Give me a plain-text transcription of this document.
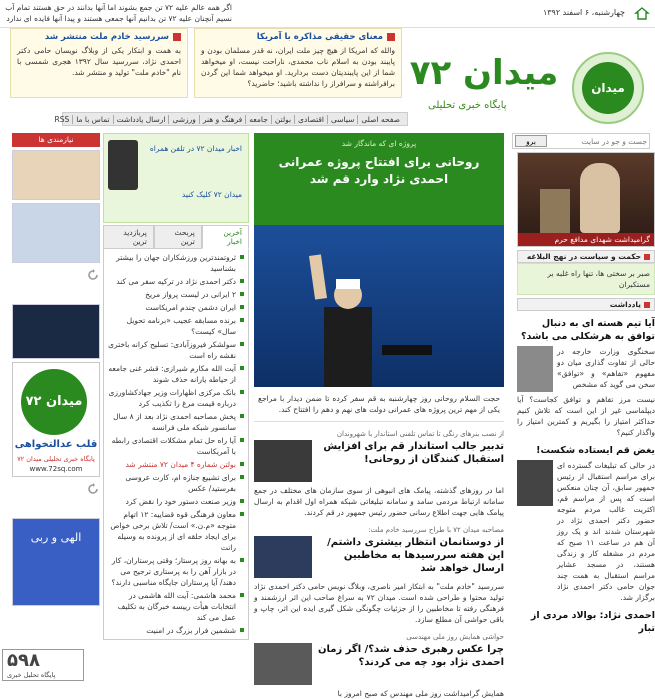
چهارشنبه، ۶ اسفند ۱۳۹۲
اگر همه عالم علیه ۷۲ تن جمع بشوند اما آنها بدانند در حق هستند تمام آب نسیم آنچنان علیه ۷۲ تن بدانیم آنها جمعی هستند و پیدا آنها فایده ای ندارد
سررسید خادم ملت منتشر شد

به همت و ابتکار یکی از وبلاگ نویسان حامی دکتر احمدی نژاد، سررسید سال ۱۳۹۲ هجری شمسی با نام "خادم ملت" تولید و منتشر شد.

معنای حقیقی مذاکره با آمریکا

والله که امریکا از هیچ چیز ملت ایران، نه قدر مسلمان بودن و پایبند بودن به اسلام ناب محمدی، ناراحت نیست، او میخواهد شما از این پایبندیتان دست بردارید. او میخواهد شما این گردن برافراشته و سرافراز را نداشته باشید؛ حاضرید؟ میدان ۷۲
پایگاه خبری تحلیلی
میدان
صفحه اصلی
سیاسی
اقتصادی
بولتن
جامعه
فرهنگ و هنر
ورزشی
ارسال یادداشت
تماس با ما
RSS
جست و جو در سایت
برو
گرامیداشت شهدای مدافع حرم
حکمت و سیاست در نهج البلاغه
صبر بر سختی ها، تنها راه غلبه بر مستکبران
یادداشت
آیا تیم هسته ای به دنبال توافق به هرشکلی می باشد؟
سخنگوی وزارت خارجه در حالی از تفاوت گذاری میان دو مفهوم «تفاهم» و «توافق» سخن می گوید که مشخص
نیست مرز تفاهم و توافق کجاست؟ آیا دیپلماسی غیر از این است که تلاش کنیم حداکثر امتیاز را بگیریم و کمترین امتیاز را واگذار کنیم؟
یغض قم ایستاده شکست!
در حالی که تبلیغات گسترده ای برای مراسم استقبال از رئیس جمهور سابق، آن چنان منعکس است که پس از مراسم قم، اکثریت غالب مردم متوجه حضور دکتر احمدی نژاد در شهرستان شدند اند و یک روز آن هم در ساعت ۱۱ صبح که مردم در مشغله کار و زندگی هستند، در مسجد عشایر مراسم استقبال به همت چند جوان حامی دکتر احمدی نژاد برگزار شد.
احمدی نژاد: بوالاد مردی از تبار
پروژه ای که ماندگار شد
روحانی برای افتتاح پروژه عمرانی احمدی نژاد وارد قم شد
حجت السلام روحانی روز چهارشنبه به قم سفر کرده تا ضمن دیدار با مراجع یکی از مهم ترین پروژه های عمرانی دولت های نهم و دهم را افتتاح کند.
از نصب بنرهای رنگی تا تماس تلفنی استاندار با شهروندان
تدبیر جالب استاندار قم برای افزایش استقبال کنندگان از روحانی!

اما در روزهای گذشته، پیامک های انبوهی از سوی سازمان های مختلف در جمع سامانه ارتباط مردمی سامد و سامانه تبلیغاتی شبکه همراه اول اقدام به ارسال پیامک هایی جهت اطلاع رسانی حضور رئیس جمهور در قم کردند.

مصاحبه میدان ۷۲ با طراح سررسید خادم ملت:
از دوستانمان انتظار بیشتری داشتم/ این هفته سررسیدها به مخاطبین ارسال خواهد شد

سررسید "خادم ملت" به ابتکار امیر ناصری، وبلاگ نویس حامی دکتر احمدی نژاد تولید محتوا و طراحی شده است. میدان ۷۲ به سراغ صاحب این اثر ارزشمند و فرهنگی رفته تا مخاطبین را از جزئیات چگونگی شکل گیری ایده این اثر، چاپ و باقی حواشی آن مطلع سازد.

حواشی همایش روز ملی مهندسی
چرا عکس رهبری حذف شد؟/ اگر زمان احمدی نژاد بود چه می کردند؟

همایش گرامیداشت روز ملی مهندس که صبح امروز با

اخبار میدان ۷۲ در تلفن همراه
میدان ۷۲ کلیک کنید
آخرین اخبار
پربحث ترین
پربازدید ترین
ثروتمندترین ورزشکاران جهان را بیشتر بشناسید
دکتر احمدی نژاد در ترکیه سفر می کند
۲ ایرانی در لیست پرواز مریخ
ایران دشمن چندم امریکاست
برنده مسابقه عجیب «برنامه تحویل سال» کیست؟
سولشکر فیروزآبادی: تسلیح کرانه باختری نقشه راه است
آیت الله مکارم شیرازی: قشر غنی جامعه از حیاطه یارانه حذف شوند
بانک مرکزی اظهارات وزیر جهادکشاورزی درباره قیمت مرغ را تکذیب کرد
پخش مصاحبه احمدی نژاد بعد از ۸ سال سانسور شبکه ملی فرانسه
آیا راه حل تمام مشکلات اقتصادی رابطه با آمریکاست
بولتن شماره ۴ میدان ۷۲ منتشر شد
برای تشییع جنازه ام، کارت عروسی بفرستید/ عکس
وزیر صنعت دستور خود را نقض کرد
معاون فرهنگی قوه قضاییه: ۱۲ اتهام متوجه «م.ن.» است/ تلاش برخی خواص برای ایجاد حلقه ای از پرونده به وسیله رانت
به بهانه روز پرستار؛ وقتی پرستاران، کار در بازار آهن را به پرستاری ترجیح می دهند/ آیا پرستاران جایگاه مناسبی دارند؟
محمد هاشمی: آیت الله هاشمی در انتخابات هیأت رییسه خبرگان به تکلیف عمل می کند
ششمین فرار بزرگ در امنیت
نیازمندی ها
میدان ۷۲
قلب عدالتخواهی
پایگاه خبری تحلیلی میدان ۷۲
www.72sq.com
الهی و ربی
۵۹۸
پایگاه تحلیل خبری
